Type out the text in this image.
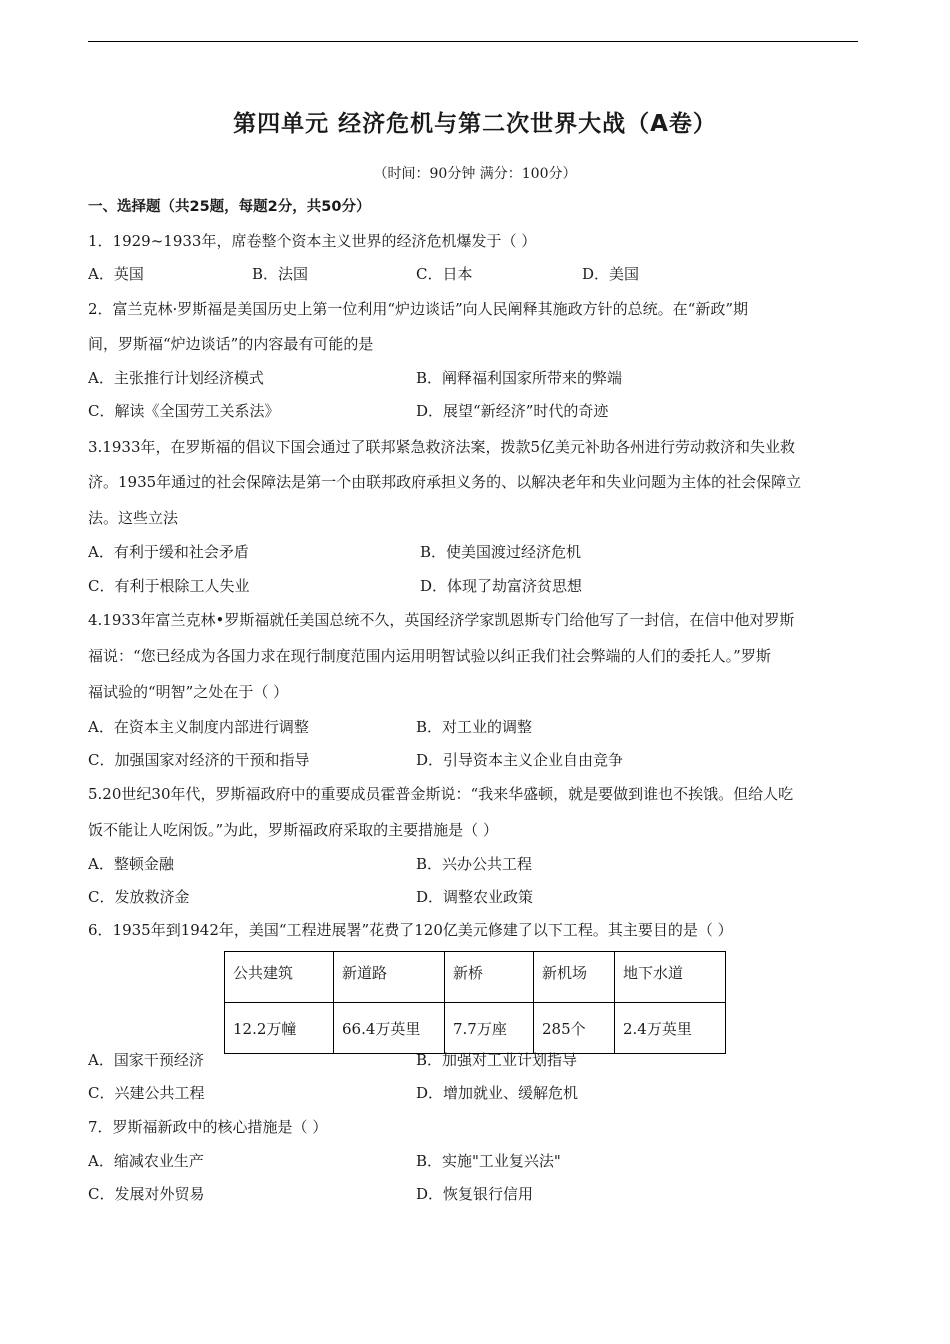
第四单元 经济危机与第二次世界大战（A卷）
（时间：90分钟 满分：100分）
一、选择题（共25题，每题2分，共50分）
1．1929~1933年，席卷整个资本主义世界的经济危机爆发于（ ）
A．英国	B．法国	C．日本	D．美国
2．富兰克林·罗斯福是美国历史上第一位利用“炉边谈话”向人民阐释其施政方针的总统。在“新政”期
间，罗斯福“炉边谈话”的内容最有可能的是
A．主张推行计划经济模式	B．阐释福利国家所带来的弊端
C．解读《全国劳工关系法》	D．展望“新经济”时代的奇迹
3.1933年，在罗斯福的倡议下国会通过了联邦紧急救济法案，拨款5亿美元补助各州进行劳动救济和失业救
济。1935年通过的社会保障法是第一个由联邦政府承担义务的、以解决老年和失业问题为主体的社会保障立
法。这些立法
A．有利于缓和社会矛盾	B．使美国渡过经济危机
C．有利于根除工人失业	D．体现了劫富济贫思想
4.1933年富兰克林•罗斯福就任美国总统不久，英国经济学家凯恩斯专门给他写了一封信，在信中他对罗斯
福说：“您已经成为各国力求在现行制度范围内运用明智试验以纠正我们社会弊端的人们的委托人。”罗斯
福试验的“明智”之处在于（ ）
A．在资本主义制度内部进行调整	B．对工业的调整
C．加强国家对经济的干预和指导	D．引导资本主义企业自由竞争
5.20世纪30年代，罗斯福政府中的重要成员霍普金斯说：“我来华盛顿，就是要做到谁也不挨饿。但给人吃
饭不能让人吃闲饭。”为此，罗斯福政府采取的主要措施是（ ）
A．整顿金融	B．兴办公共工程
C．发放救济金	D．调整农业政策
6．1935年到1942年，美国“工程进展署”花费了120亿美元修建了以下工程。其主要目的是（ ）
公共建筑	新道路	新桥	新机场	地下水道
12.2万幢	66.4万英里	7.7万座	285个	2.4万英里
A．国家干预经济	B．加强对工业计划指导
C．兴建公共工程	D．增加就业、缓解危机
7．罗斯福新政中的核心措施是（ ）
A．缩减农业生产	B．实施"工业复兴法"
C．发展对外贸易	D．恢复银行信用
